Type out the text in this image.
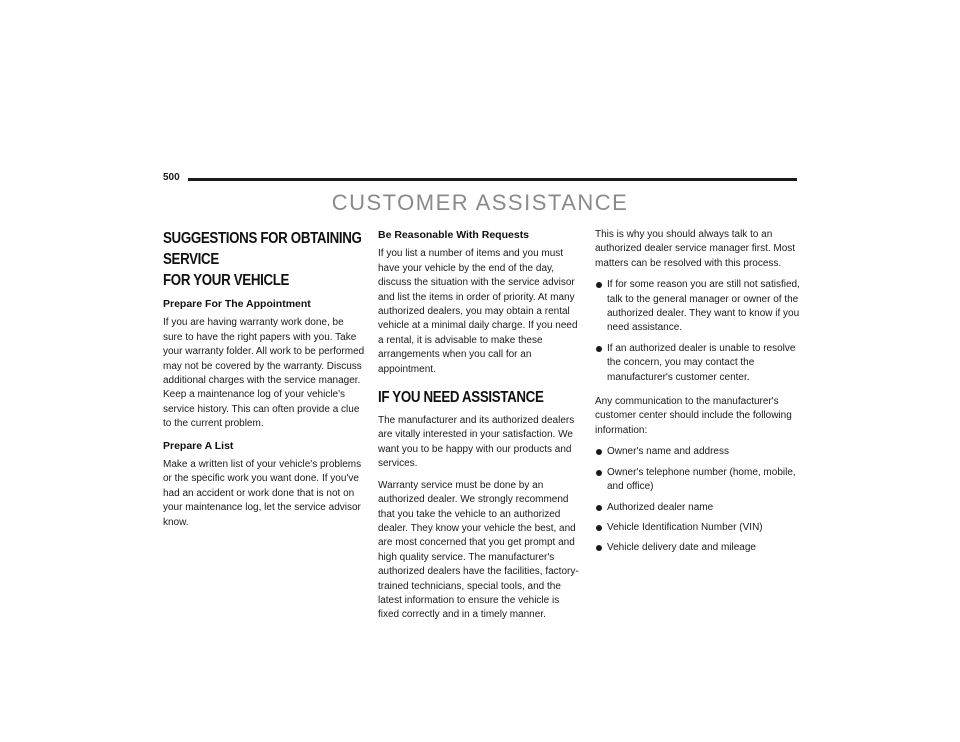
500
CUSTOMER ASSISTANCE
SUGGESTIONS FOR OBTAINING SERVICE
FOR YOUR VEHICLE
Prepare For The Appointment

If you are having warranty work done, be sure to have the right papers with you. Take your warranty folder. All work to be performed may not be covered by the warranty. Discuss additional charges with the service manager. Keep a maintenance log of your vehicle's service history. This can often provide a clue to the current problem.

Prepare A List

Make a written list of your vehicle's problems or the specific work you want done. If you've had an accident or work done that is not on your maintenance log, let the service advisor know.

Be Reasonable With Requests

If you list a number of items and you must have your vehicle by the end of the day, discuss the situation with the service advisor and list the items in order of priority. At many authorized dealers, you may obtain a rental vehicle at a minimal daily charge. If you need a rental, it is advisable to make these arrangements when you call for an appointment.

IF YOU NEED ASSISTANCE

The manufacturer and its authorized dealers are vitally interested in your satisfaction. We want you to be happy with our products and services.

Warranty service must be done by an authorized dealer. We strongly recommend that you take the vehicle to an authorized dealer. They know your vehicle the best, and are most concerned that you get prompt and high quality service. The manufacturer's authorized dealers have the facilities, factory-trained technicians, special tools, and the latest information to ensure the vehicle is fixed correctly and in a timely manner.

This is why you should always talk to an authorized dealer service manager first. Most matters can be resolved with this process.

If for some reason you are still not satisfied, talk to the general manager or owner of the authorized dealer. They want to know if you need assistance.
If an authorized dealer is unable to resolve the concern, you may contact the manufacturer's customer center.

Any communication to the manufacturer's customer center should include the following information:

Owner's name and address
Owner's telephone number (home, mobile, and office)
Authorized dealer name
Vehicle Identification Number (VIN)
Vehicle delivery date and mileage
